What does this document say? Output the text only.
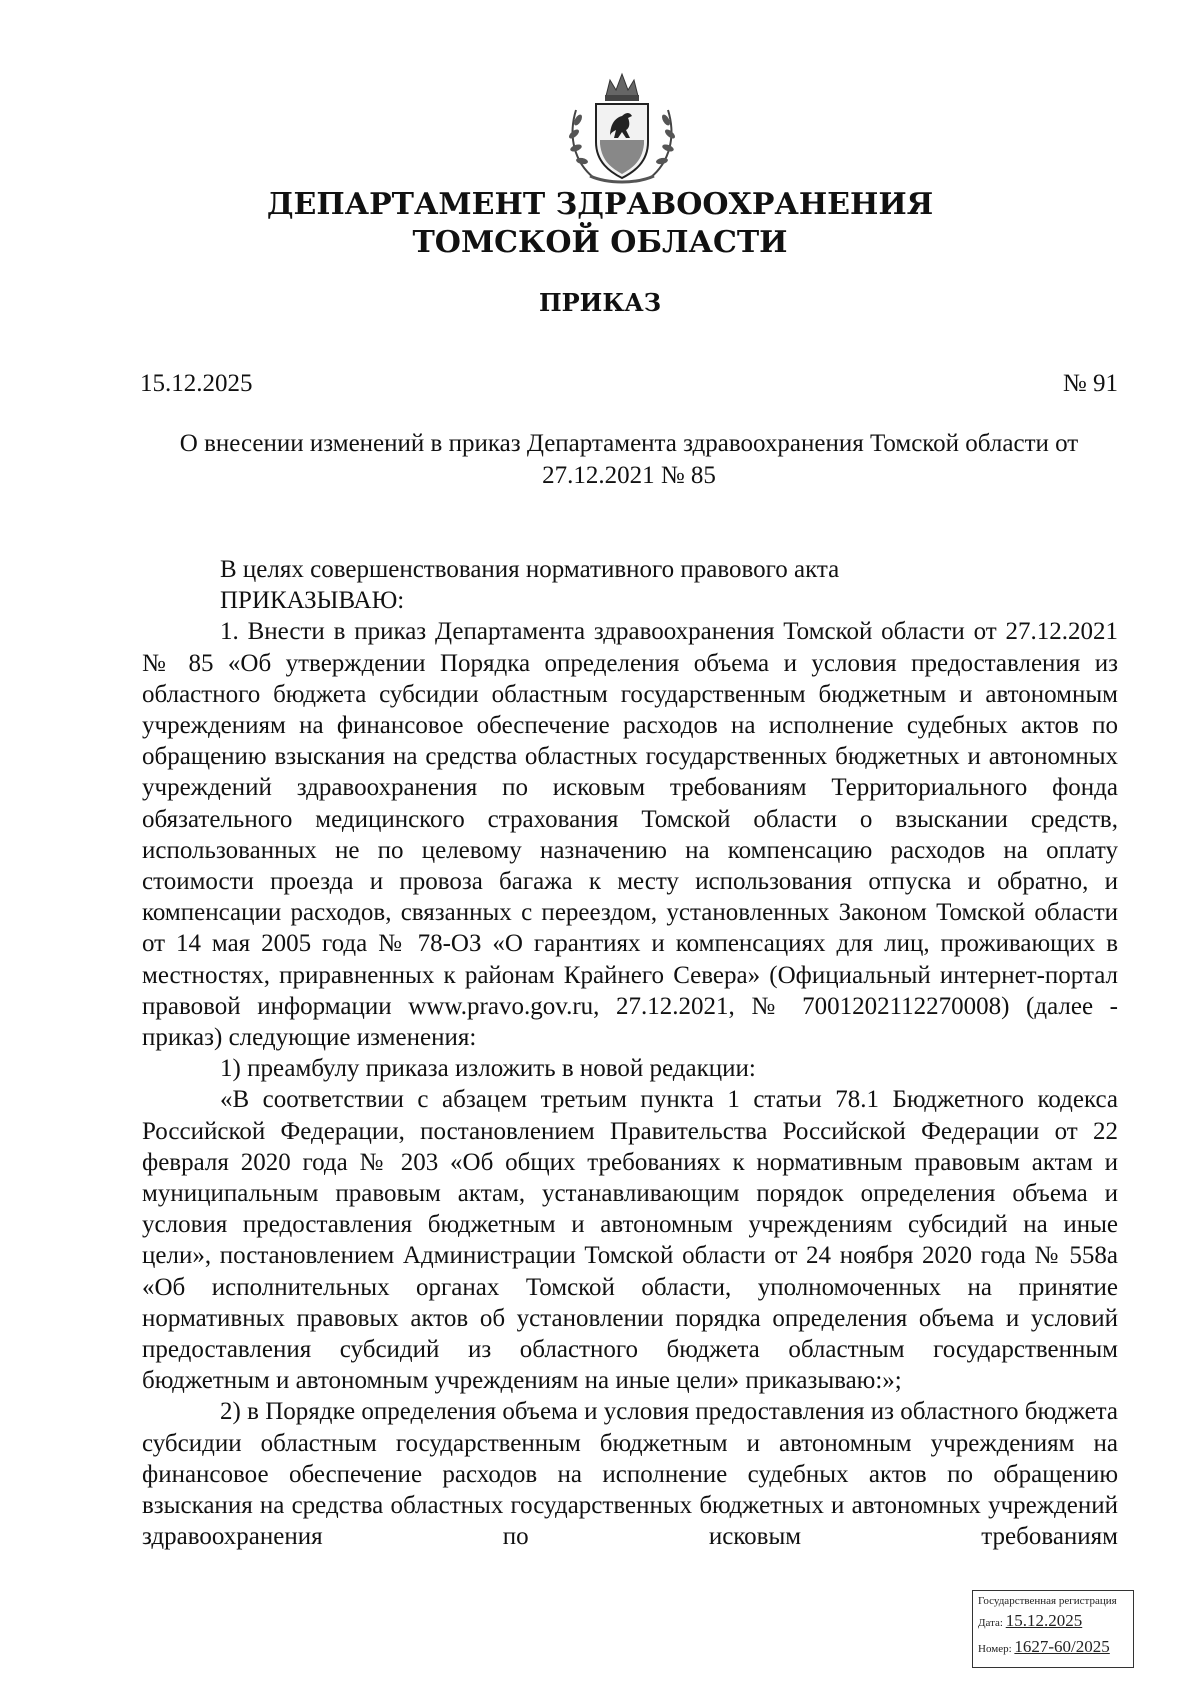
ДЕПАРТАМЕНТ ЗДРАВООХРАНЕНИЯ
ТОМСКОЙ ОБЛАСТИ
ПРИКАЗ
15.12.2025	№ 91
О внесении изменений в приказ Департамента здравоохранения Томской области от
27.12.2021 № 85

В целях совершенствования нормативного правового акта

ПРИКАЗЫВАЮ:

1. Внести в приказ Департамента здравоохранения Томской области от 27.12.2021 № 85 «Об утверждении Порядка определения объема и условия предоставления из областного бюджета субсидии областным государственным бюджетным и автономным учреждениям на финансовое обеспечение расходов на исполнение судебных актов по обращению взыскания на средства областных государственных бюджетных и автономных учреждений здравоохранения по исковым требованиям Территориального фонда обязательного медицинского страхования Томской области о взыскании средств, использованных не по целевому назначению на компенсацию расходов на оплату стоимости проезда и провоза багажа к месту использования отпуска и обратно, и компенсации расходов, связанных с переездом, установленных Законом Томской области от 14 мая 2005 года № 78-ОЗ «О гарантиях и компенсациях для лиц, проживающих в местностях, приравненных к районам Крайнего Севера» (Официальный интернет-портал правовой информации www.pravo.gov.ru, 27.12.2021, № 7001202112270008) (далее - приказ) следующие изменения:

1) преамбулу приказа изложить в новой редакции:

«В соответствии с абзацем третьим пункта 1 статьи 78.1 Бюджетного кодекса Российской Федерации, постановлением Правительства Российской Федерации от 22 февраля 2020 года № 203 «Об общих требованиях к нормативным правовым актам и муниципальным правовым актам, устанавливающим порядок определения объема и условия предоставления бюджетным и автономным учреждениям субсидий на иные цели», постановлением Администрации Томской области от 24 ноября 2020 года № 558а «Об исполнительных органах Томской области, уполномоченных на принятие нормативных правовых актов об установлении порядка определения объема и условий предоставления субсидий из областного бюджета областным государственным бюджетным и автономным учреждениям на иные цели» приказываю:»;

2) в Порядке определения объема и условия предоставления из областного бюджета субсидии областным государственным бюджетным и автономным учреждениям на финансовое обеспечение расходов на исполнение судебных актов по обращению взыскания на средства областных государственных бюджетных и автономных учреждений здравоохранения по исковым требованиям

Государственная регистрация
Дата: 15.12.2025
Номер: 1627-60/2025
